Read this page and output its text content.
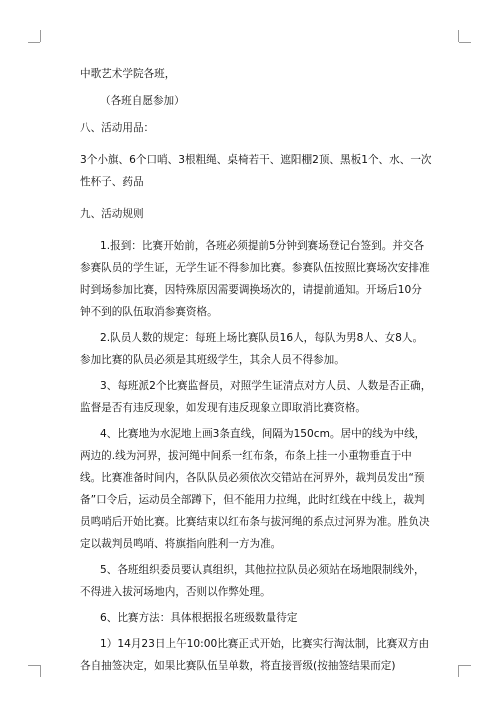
中歌艺术学院各班，

（各班自愿参加）

八、活动用品：

3个小旗、6个口哨、3根粗绳、桌椅若干、遮阳棚2顶、黑板1个、水、一次性杯子、药品

九、活动规则

1.报到：比赛开始前，各班必须提前5分钟到赛场登记台签到。并交各参赛队员的学生证，无学生证不得参加比赛。参赛队伍按照比赛场次安排准时到场参加比赛，因特殊原因需要调换场次的，请提前通知。开场后10分钟不到的队伍取消参赛资格。

2.队员人数的规定：每班上场比赛队员16人，每队为男8人、女8人。参加比赛的队员必须是其班级学生，其余人员不得参加。

3、每班派2个比赛监督员，对照学生证清点对方人员、人数是否正确，监督是否有违反现象，如发现有违反现象立即取消比赛资格。

4、比赛地为水泥地上画3条直线，间隔为150cm。居中的线为中线，两边的.线为河界，拔河绳中间系一红布条，布条上挂一小重物垂直于中线。比赛准备时间内，各队队员必须依次交错站在河界外，裁判员发出“预备”口令后，运动员全部蹲下，但不能用力拉绳，此时红线在中线上，裁判员鸣哨后开始比赛。比赛结束以红布条与拔河绳的系点过河界为准。胜负决定以裁判员鸣哨、将旗指向胜利一方为准。

5、各班组织委员要认真组织，其他拉拉队员必须站在场地限制线外，不得进入拔河场地内，否则以作弊处理。

6、比赛方法：具体根据报名班级数量待定

1）14月23日上午10:00比赛正式开始，比赛实行淘汰制，比赛双方由各自抽签决定，如果比赛队伍呈单数，将直接晋级(按抽签结果而定)
